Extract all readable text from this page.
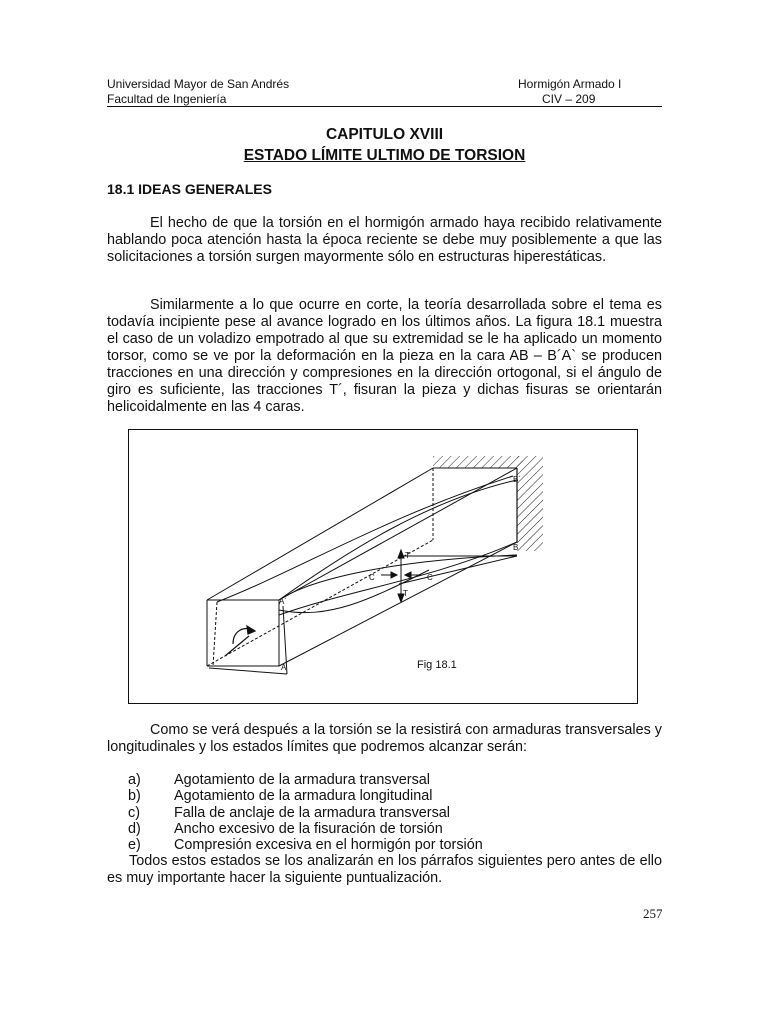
Universidad Mayor de San Andrés
Facultad de Ingeniería
Hormigón Armado I
CIV – 209
CAPITULO XVIII
ESTADO LÍMITE ULTIMO DE TORSION
18.1 IDEAS GENERALES

El hecho de que la torsión en el hormigón armado haya recibido relativamente hablando poca atención hasta la época reciente se debe muy posiblemente a que las solicitaciones a torsión surgen mayormente sólo en estructuras hiperestáticas.

Similarmente a lo que ocurre en corte, la teoría desarrollada sobre el tema es todavía incipiente pese al avance logrado en los últimos años. La figura 18.1 muestra el caso de un voladizo empotrado al que su extremidad se le ha aplicado un momento torsor, como se ve por la deformación en la pieza en la cara AB – B´A` se producen tracciones en una dirección y compresiones en la dirección ortogonal, si el ángulo de giro es suficiente, las tracciones T´, fisuran la pieza y dichas fisuras se orientarán helicoidalmente en las 4 caras.

B´
B
A´
A
C	C
T
T
Fig 18.1

Como se verá después a la torsión se la resistirá con armaduras transversales y longitudinales y los estados límites que podremos alcanzar serán:

a)	Agotamiento de la armadura transversal
b)	Agotamiento de la armadura longitudinal
c)	Falla de anclaje de la armadura transversal
d)	Ancho excesivo de la fisuración de torsión
e)	Compresión excesiva en el hormigón por torsión

Todos estos estados se los analizarán en los párrafos siguientes pero antes de ello es muy importante hacer la siguiente puntualización.

257
